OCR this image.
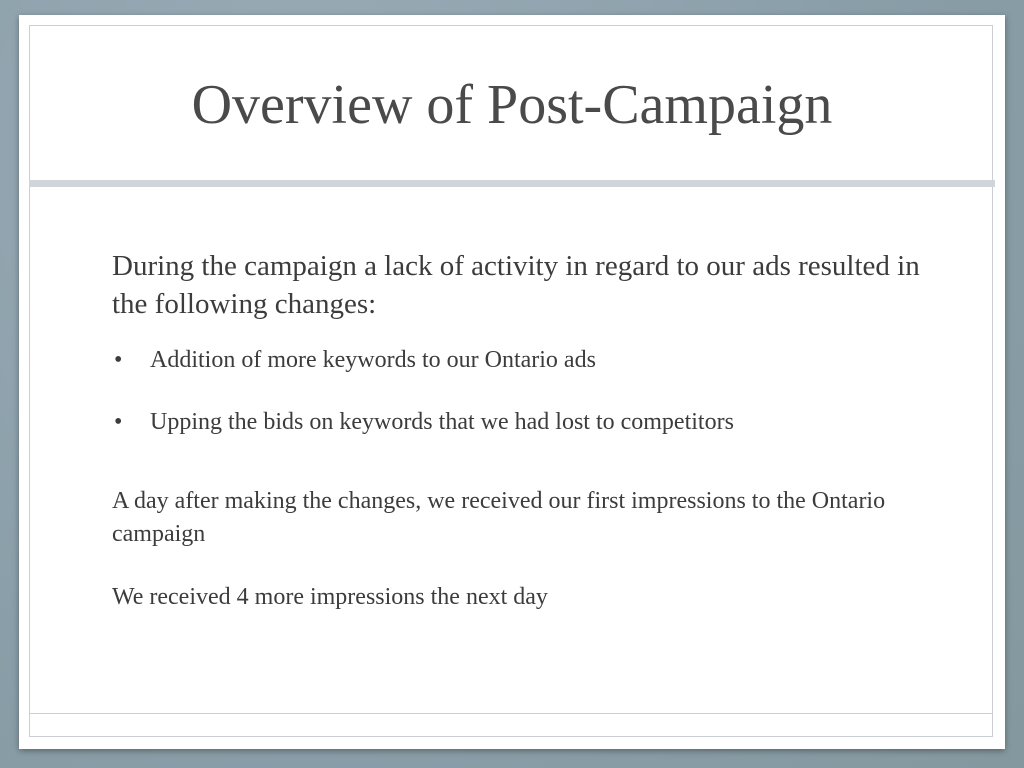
Overview of Post-Campaign

During the campaign a lack of activity in regard to our ads resulted in the following changes:

• Addition of more keywords to our Ontario ads
• Upping the bids on keywords that we had lost to competitors

A day after making the changes, we received our first impressions to the Ontario campaign

We received 4 more impressions the next day
